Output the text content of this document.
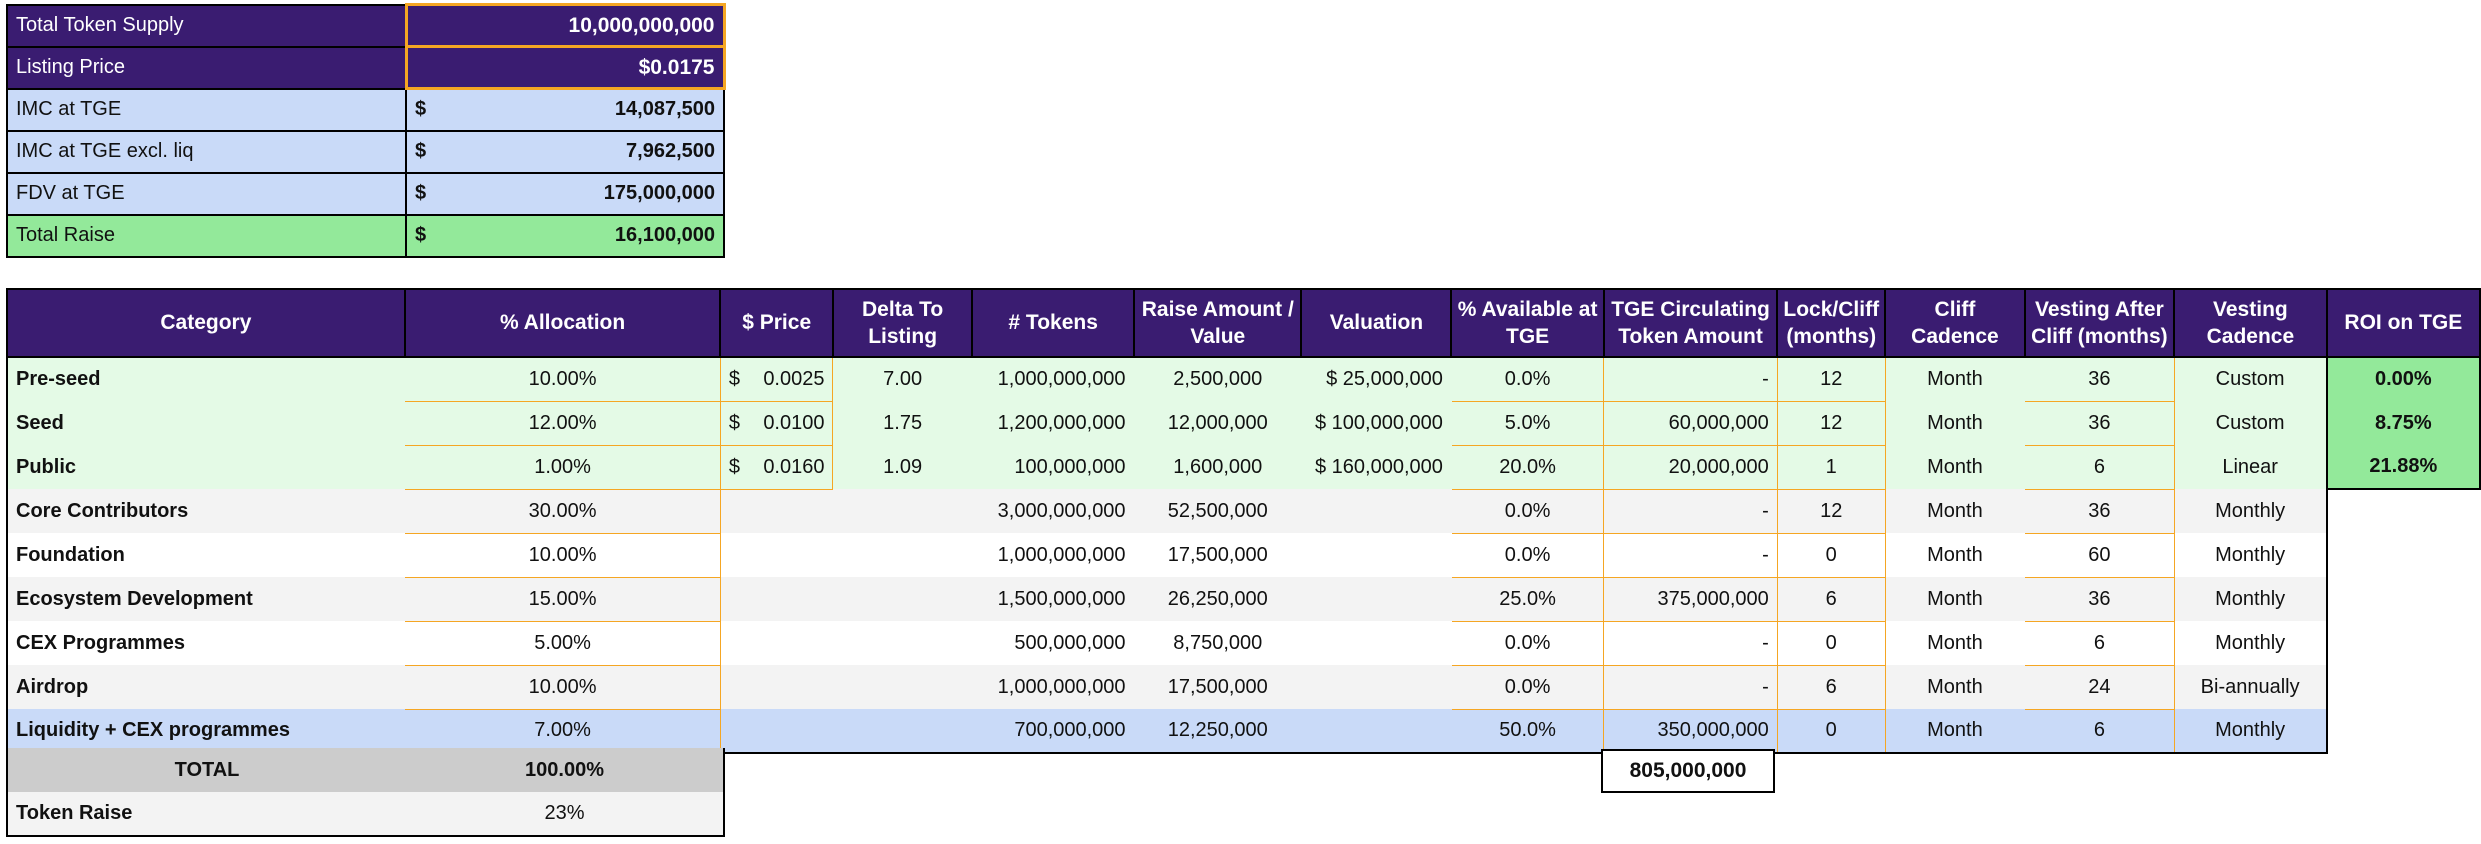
Total Token Supply	10,000,000,000
Listing Price	$0.0175
IMC at TGE	$ 14,087,500

IMC at TGE excl. liq	$ 7,962,500

FDV at TGE	$ 175,000,000

Total Raise	$ 16,100,000
Category	% Allocation	$ Price	Delta To Listing	# Tokens	Raise Amount / Value	Valuation	% Available at TGE	TGE Circulating Token Amount	Lock/Cliff (months)	Cliff Cadence	Vesting After Cliff (months)	Vesting Cadence	ROI on TGE
Pre-seed	10.00%	$ 0.0025	7.00	1,000,000,000	2,500,000	$ 25,000,000	0.0%	-	12	Month	36	Custom	0.00%
Seed	12.00%	$ 0.0100	1.75	1,200,000,000	12,000,000	$ 100,000,000	5.0%	60,000,000	12	Month	36	Custom	8.75%
Public	1.00%	$ 0.0160	1.09	100,000,000	1,600,000	$ 160,000,000	20.0%	20,000,000	1	Month	6	Linear	21.88%
Core Contributors	30.00%			3,000,000,000	52,500,000		0.0%	-	12	Month	36	Monthly	
Foundation	10.00%			1,000,000,000	17,500,000		0.0%	-	0	Month	60	Monthly	
Ecosystem Development	15.00%			1,500,000,000	26,250,000		25.0%	375,000,000	6	Month	36	Monthly	
CEX Programmes	5.00%			500,000,000	8,750,000		0.0%	-	0	Month	6	Monthly	
Airdrop	10.00%			1,000,000,000	17,500,000		0.0%	-	6	Month	24	Bi-annually	
Liquidity + CEX programmes	7.00%			700,000,000	12,250,000		50.0%	350,000,000	0	Month	6	Monthly	
TOTAL	100.00%
Token Raise	23%
805,000,000
